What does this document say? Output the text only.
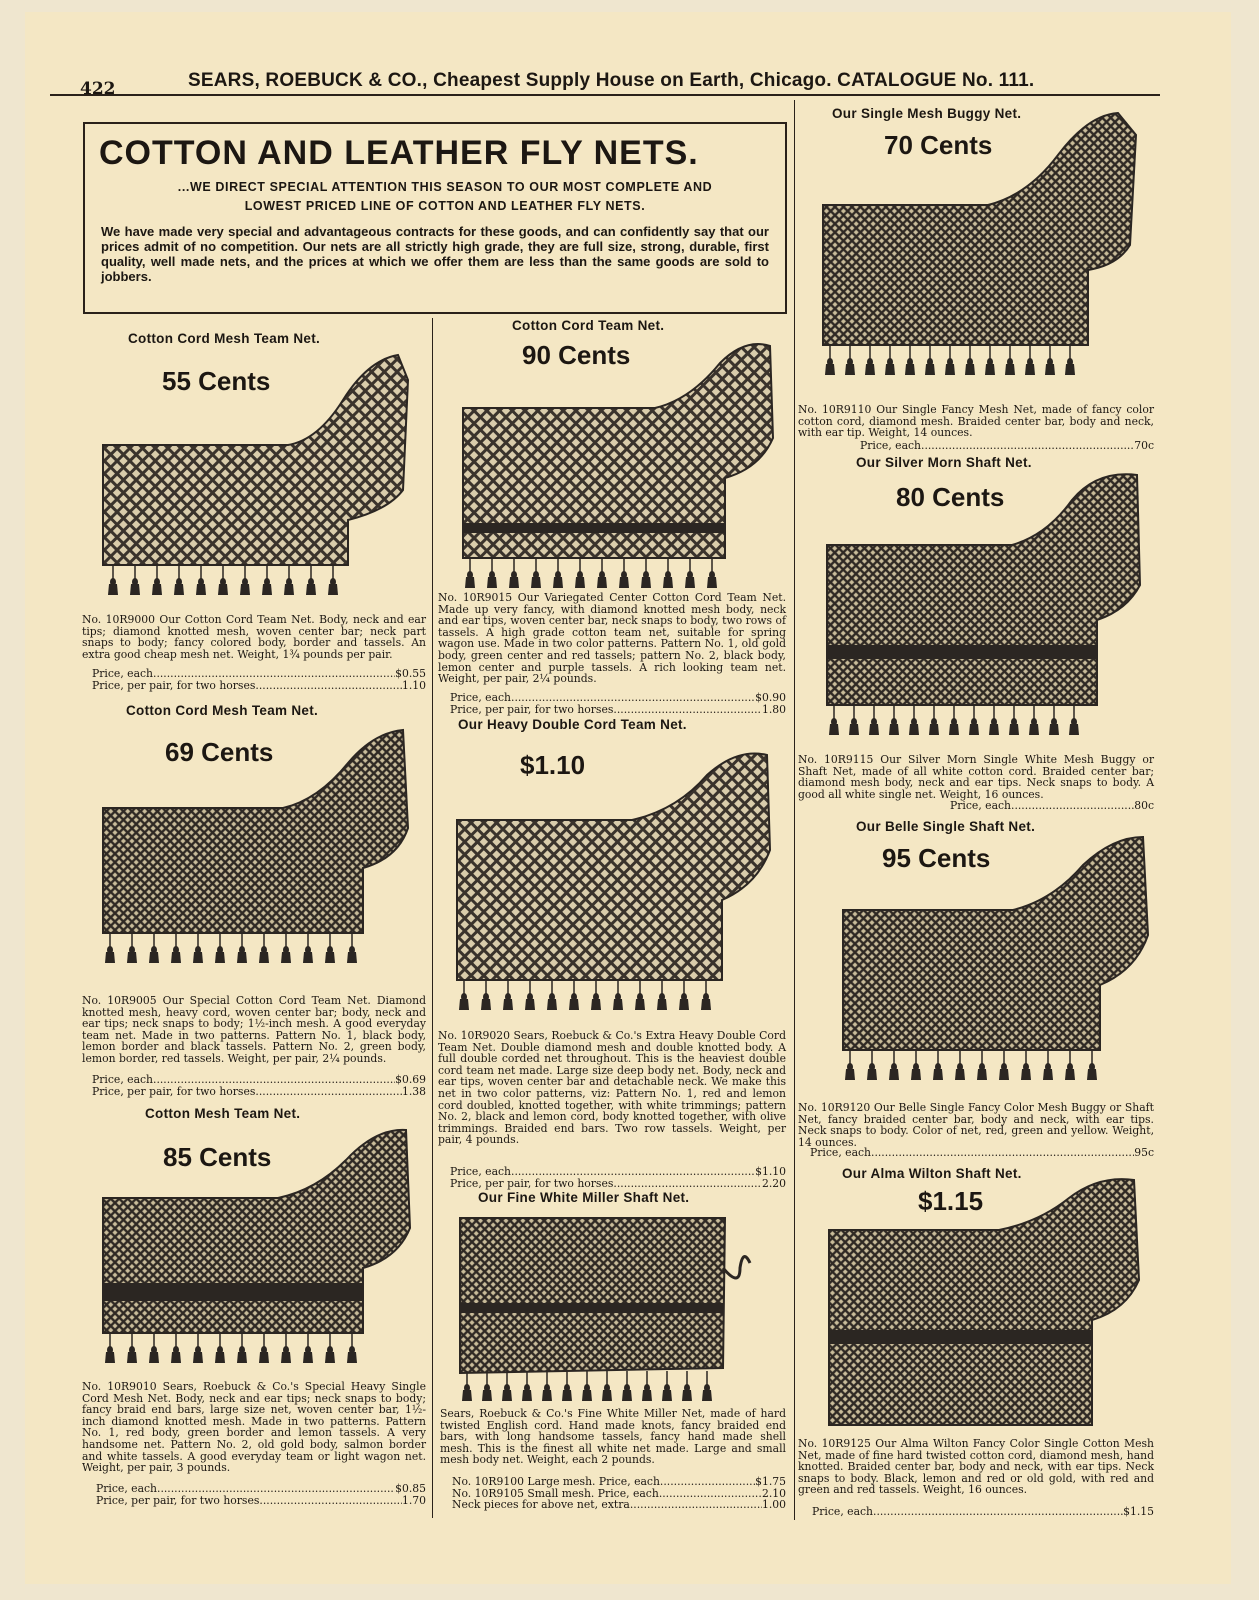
422	SEARS, ROEBUCK & CO., Cheapest Supply House on Earth, Chicago. CATALOGUE No. 111.
COTTON AND LEATHER FLY NETS.
...WE DIRECT SPECIAL ATTENTION THIS SEASON TO OUR MOST COMPLETE AND LOWEST PRICED LINE OF COTTON AND LEATHER FLY NETS.
We have made very special and advantageous contracts for these goods, and can confidently say that our prices admit of no competition. Our nets are all strictly high grade, they are full size, strong, durable, first quality, well made nets, and the prices at which we offer them are less than the same goods are sold to jobbers.
Cotton Cord Mesh Team Net.
55 Cents
No. 10R9000 Our Cotton Cord Team Net. Body, neck and ear tips; diamond knotted mesh, woven center bar; neck part snaps to body; fancy colored body, border and tassels. An extra good cheap mesh net. Weight, 1¾ pounds per pair.
Price, each .....	$0.55
Price, per pair, for two horses .....	1.10
Cotton Cord Team Net.
90 Cents
No. 10R9015 Our Variegated Center Cotton Cord Team Net. Made up very fancy, with diamond knotted mesh body, neck and ear tips, woven center bar, neck snaps to body, two rows of tassels. A high grade cotton team net, suitable for spring wagon use. Made in two color patterns. Pattern No. 1, old gold body, green center and red tassels; pattern No. 2, black body, lemon center and purple tassels. A rich looking team net. Weight, per pair, 2¼ pounds.
Price, each .....	$0.90
Price, per pair, for two horses .....	1.80
Our Single Mesh Buggy Net.
70 Cents
No. 10R9110 Our Single Fancy Mesh Net, made of fancy color cotton cord, diamond mesh. Braided center bar, body and neck, with ear tip. Weight, 14 ounces.
Price, each .....	70c
Our Silver Morn Shaft Net.
80 Cents
No. 10R9115 Our Silver Morn Single White Mesh Buggy or Shaft Net, made of all white cotton cord. Braided center bar; diamond mesh body, neck and ear tips. Neck snaps to body. A good all white single net. Weight, 16 ounces.
Price, each .....	80c
Cotton Cord Mesh Team Net.
69 Cents
No. 10R9005 Our Special Cotton Cord Team Net. Diamond knotted mesh, heavy cord, woven center bar; body, neck and ear tips; neck snaps to body; 1½-inch mesh. A good everyday team net. Made in two patterns. Pattern No. 1, black body, lemon border and black tassels. Pattern No. 2, green body, lemon border, red tassels. Weight, per pair, 2¼ pounds.
Price, each .....	$0.69
Price, per pair, for two horses .....	1.38
Our Heavy Double Cord Team Net.
$1.10
No. 10R9020 Sears, Roebuck & Co.'s Extra Heavy Double Cord Team Net. Double diamond mesh and double knotted body. A full double corded net throughout. This is the heaviest double cord team net made. Large size deep body net. Body, neck and ear tips, woven center bar and detachable neck. We make this net in two color patterns, viz: Pattern No. 1, red and lemon cord doubled, knotted together, with white trimmings; pattern No. 2, black and lemon cord, body knotted together, with olive trimmings. Braided end bars. Two row tassels. Weight, per pair, 4 pounds.
Price, each .....	$1.10
Price, per pair, for two horses .....	2.20
Our Belle Single Shaft Net.
95 Cents
No. 10R9120 Our Belle Single Fancy Color Mesh Buggy or Shaft Net, fancy braided center bar, body and neck, with ear tips. Neck snaps to body. Color of net, red, green and yellow. Weight, 14 ounces.
Price, each .....	95c
Cotton Mesh Team Net.
85 Cents
No. 10R9010 Sears, Roebuck & Co.'s Special Heavy Single Cord Mesh Net. Body, neck and ear tips; neck snaps to body; fancy braid end bars, large size net, woven center bar, 1½-inch diamond knotted mesh. Made in two patterns. Pattern No. 1, red body, green border and lemon tassels. A very handsome net. Pattern No. 2, old gold body, salmon border and white tassels. A good everyday team or light wagon net. Weight, per pair, 3 pounds.
Price, each .....	$0.85
Price, per pair, for two horses .....	1.70
Our Fine White Miller Shaft Net.
Sears, Roebuck & Co.'s Fine White Miller Net, made of hard twisted English cord. Hand made knots, fancy braided end bars, with long handsome tassels, fancy hand made shell mesh. This is the finest all white net made. Large and small mesh body net. Weight, each 2 pounds.
No. 10R9100 Large mesh. Price, each .....	$1.75
No. 10R9105 Small mesh. Price, each .....	2.10
Neck pieces for above net, extra .....	1.00
Our Alma Wilton Shaft Net.
$1.15
No. 10R9125 Our Alma Wilton Fancy Color Single Cotton Mesh Net, made of fine hard twisted cotton cord, diamond mesh, hand knotted. Braided center bar, body and neck, with ear tips. Neck snaps to body. Black, lemon and red or old gold, with red and green and red tassels. Weight, 16 ounces.
Price, each .....	$1.15
